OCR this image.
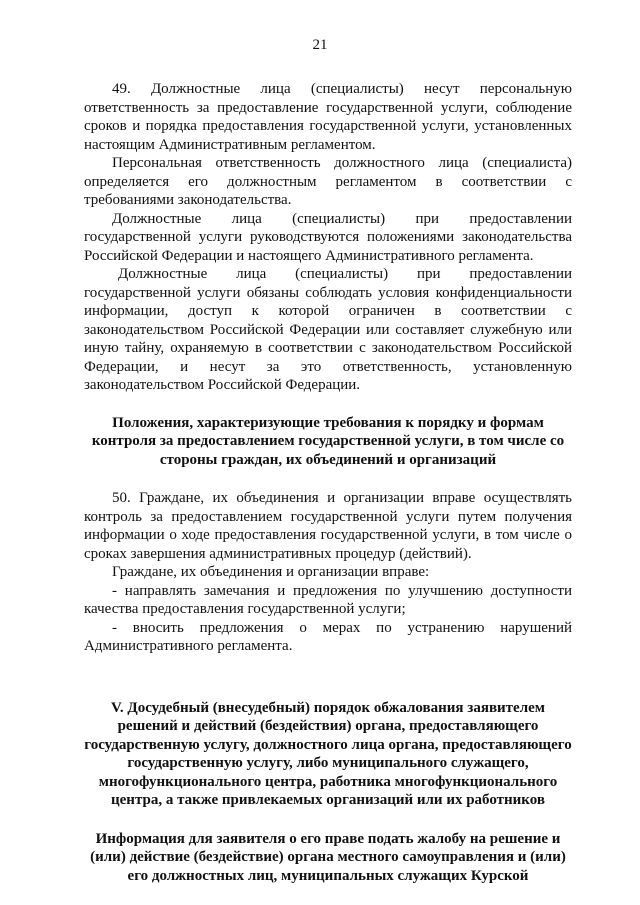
21

49. Должностные лица (специалисты) несут персональную ответственность за предоставление государственной услуги, соблюдение сроков и порядка предоставления государственной услуги, установленных настоящим Административным регламентом.

Персональная ответственность должностного лица (специалиста) определяется его должностным регламентом в соответствии с требованиями законодательства.

Должностные лица (специалисты) при предоставлении государственной услуги руководствуются положениями законодательства Российской Федерации и настоящего Административного регламента.

Должностные лица (специалисты) при предоставлении государственной услуги обязаны соблюдать условия конфиденциальности информации, доступ к которой ограничен в соответствии с законодательством Российской Федерации или составляет служебную или иную тайну, охраняемую в соответствии с законодательством Российской Федерации, и несут за это ответственность, установленную законодательством Российской Федерации.

Положения, характеризующие требования к порядку и формам контроля за предоставлением государственной услуги, в том числе со стороны граждан, их объединений и организаций

50. Граждане, их объединения и организации вправе осуществлять контроль за предоставлением государственной услуги путем получения информации о ходе предоставления государственной услуги, в том числе о сроках завершения административных процедур (действий).

Граждане, их объединения и организации вправе:

- направлять замечания и предложения по улучшению доступности качества предоставления государственной услуги;

- вносить предложения о мерах по устранению нарушений Административного регламента.

V. Досудебный (внесудебный) порядок обжалования заявителем решений и действий (бездействия) органа, предоставляющего государственную услугу, должностного лица органа, предоставляющего государственную услугу, либо муниципального служащего, многофункционального центра, работника многофункционального центра, а также привлекаемых организаций или их работников

Информация для заявителя о его праве подать жалобу на решение и (или) действие (бездействие) органа местного самоуправления и (или) его должностных лиц, муниципальных служащих Курской
